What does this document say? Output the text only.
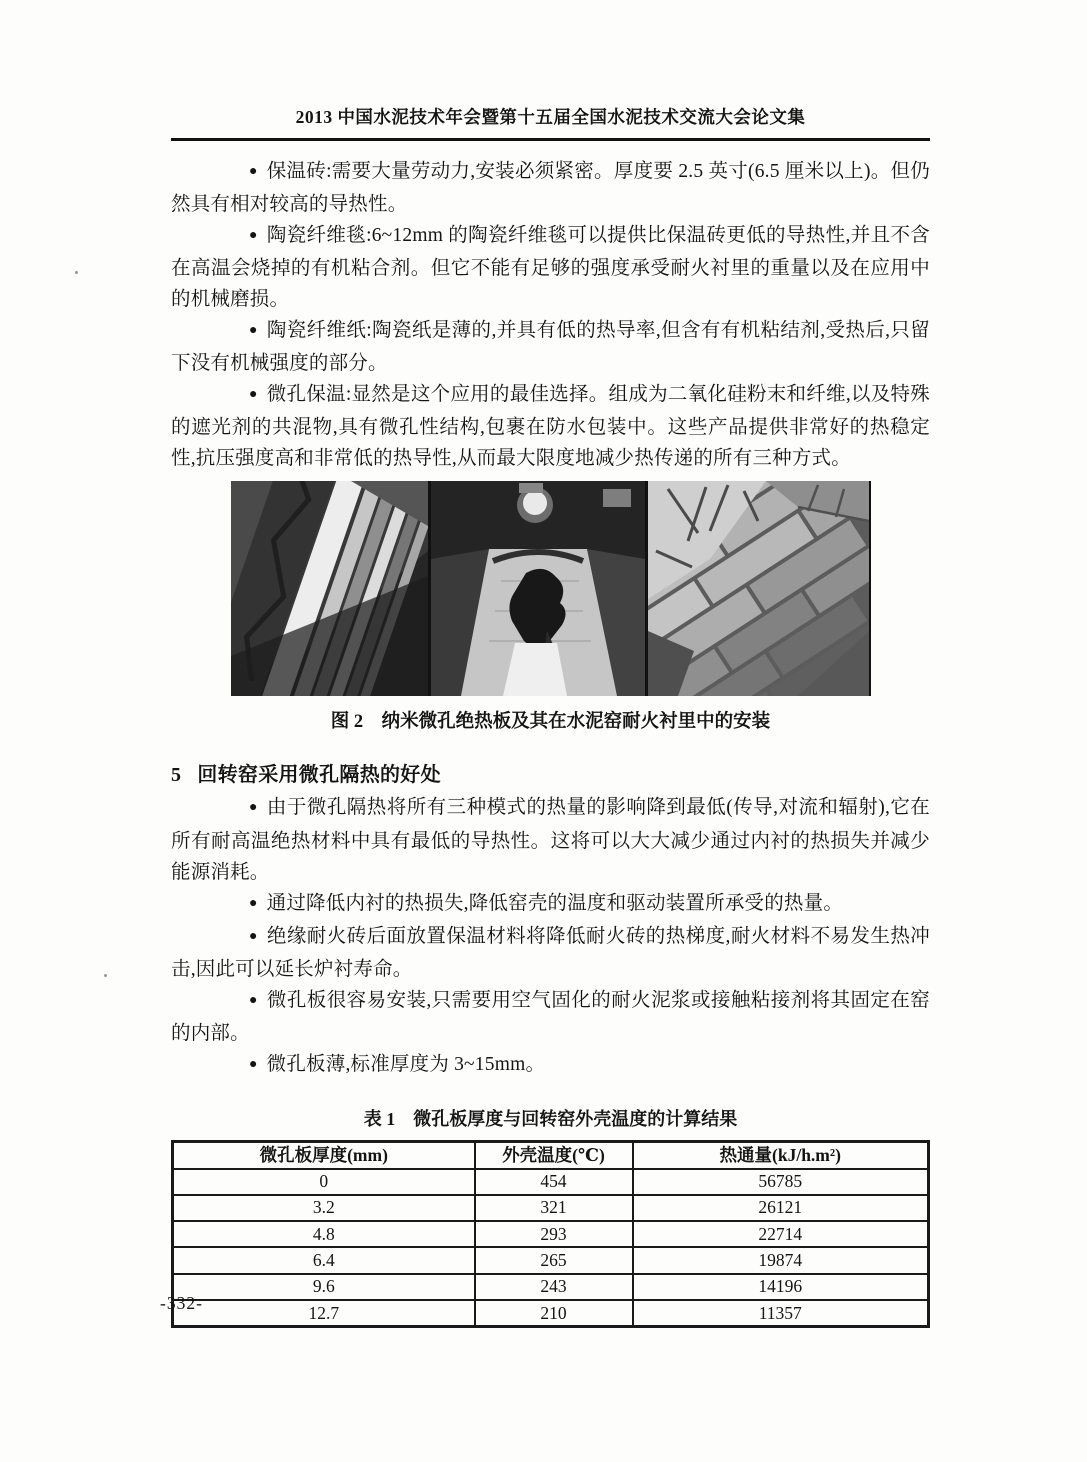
2013 中国水泥技术年会暨第十五届全国水泥技术交流大会论文集

● 保温砖:需要大量劳动力,安装必须紧密。厚度要 2.5 英寸(6.5 厘米以上)。但仍然具有相对较高的导热性。

● 陶瓷纤维毯:6~12mm 的陶瓷纤维毯可以提供比保温砖更低的导热性,并且不含在高温会烧掉的有机粘合剂。但它不能有足够的强度承受耐火衬里的重量以及在应用中的机械磨损。

● 陶瓷纤维纸:陶瓷纸是薄的,并具有低的热导率,但含有有机粘结剂,受热后,只留下没有机械强度的部分。

● 微孔保温:显然是这个应用的最佳选择。组成为二氧化硅粉末和纤维,以及特殊的遮光剂的共混物,具有微孔性结构,包裹在防水包装中。这些产品提供非常好的热稳定性,抗压强度高和非常低的热导性,从而最大限度地减少热传递的所有三种方式。

图 2　纳米微孔绝热板及其在水泥窑耐火衬里中的安装
5 回转窑采用微孔隔热的好处

● 由于微孔隔热将所有三种模式的热量的影响降到最低(传导,对流和辐射),它在所有耐高温绝热材料中具有最低的导热性。这将可以大大减少通过内衬的热损失并减少能源消耗。

● 通过降低内衬的热损失,降低窑壳的温度和驱动装置所承受的热量。

● 绝缘耐火砖后面放置保温材料将降低耐火砖的热梯度,耐火材料不易发生热冲击,因此可以延长炉衬寿命。

● 微孔板很容易安装,只需要用空气固化的耐火泥浆或接触粘接剂将其固定在窑的内部。

● 微孔板薄,标准厚度为 3~15mm。

表 1　微孔板厚度与回转窑外壳温度的计算结果
微孔板厚度(mm)	外壳温度(℃)	热通量(kJ/h.m²)
0	454	56785
3.2	321	26121
4.8	293	22714
6.4	265	19874
9.6	243	14196
12.7	210	11357
-332-
